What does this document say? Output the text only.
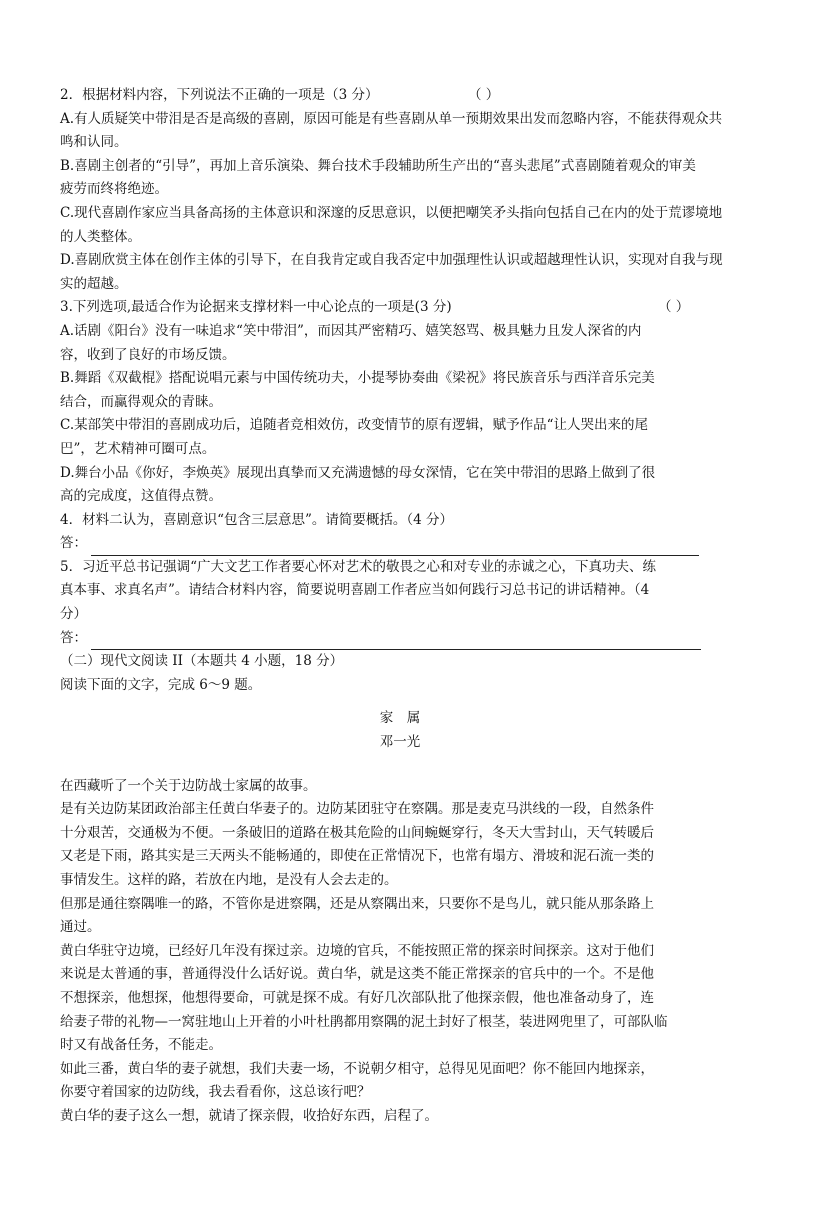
2．根据材料内容，下列说法不正确的一项是（3 分）	（ ）
A.有人质疑笑中带泪是否是高级的喜剧，原因可能是有些喜剧从单一预期效果出发而忽略内容，不能获得观众共
鸣和认同。
B.喜剧主创者的“引导”，再加上音乐演染、舞台技术手段辅助所生产出的“喜头悲尾”式喜剧随着观众的审美
疲劳而终将绝迹。
C.现代喜剧作家应当具备高扬的主体意识和深邃的反思意识，以便把嘲笑矛头指向包括自己在内的处于荒谬境地
的人类整体。
D.喜剧欣赏主体在创作主体的引导下，在自我肯定或自我否定中加强理性认识或超越理性认识，实现对自我与现
实的超越。
3.下列选项,最适合作为论据来支撑材料一中心论点的一项是(3 分)	（ ）
A.话剧《阳台》没有一味追求“笑中带泪”，而因其严密精巧、嬉笑怒骂、极具魅力且发人深省的内
容，收到了良好的市场反馈。
B.舞蹈《双截棍》搭配说唱元素与中国传统功夫，小提琴协奏曲《梁祝》将民族音乐与西洋音乐完美
结合，而赢得观众的青睐。
C.某部笑中带泪的喜剧成功后，追随者竞相效仿，改变情节的原有逻辑，赋予作品“让人哭出来的尾
巴”，艺术精神可圈可点。
D.舞台小品《你好，李焕英》展现出真挚而又充满遗憾的母女深情，它在笑中带泪的思路上做到了很
高的完成度，这值得点赞。
4．材料二认为，喜剧意识“包含三层意思”。请简要概括。（4 分）
答：
5．习近平总书记强调“广大文艺工作者要心怀对艺术的敬畏之心和对专业的赤诚之心，下真功夫、练
真本事、求真名声”。请结合材料内容，简要说明喜剧工作者应当如何践行习总书记的讲话精神。（4
分）
答：
（二）现代文阅读 II（本题共 4 小题，18 分）
阅读下面的文字，完成 6～9 题。
家　属
邓一光
在西藏听了一个关于边防战士家属的故事。
是有关边防某团政治部主任黄白华妻子的。边防某团驻守在察隅。那是麦克马洪线的一段，自然条件
十分艰苦，交通极为不便。一条破旧的道路在极其危险的山间蜿蜒穿行，冬天大雪封山，天气转暖后
又老是下雨，路其实是三天两头不能畅通的，即使在正常情况下，也常有塌方、滑坡和泥石流一类的
事情发生。这样的路，若放在内地，是没有人会去走的。
但那是通往察隅唯一的路，不管你是进察隅，还是从察隅出来，只要你不是鸟儿，就只能从那条路上
通过。
黄白华驻守边境，已经好几年没有探过亲。边境的官兵，不能按照正常的探亲时间探亲。这对于他们
来说是太普通的事，普通得没什么话好说。黄白华，就是这类不能正常探亲的官兵中的一个。不是他
不想探亲，他想探，他想得要命，可就是探不成。有好几次部队批了他探亲假，他也准备动身了，连
给妻子带的礼物—一窝驻地山上开着的小叶杜鹃都用察隅的泥土封好了根茎，装进网兜里了，可部队临
时又有战备任务，不能走。
如此三番，黄白华的妻子就想，我们夫妻一场，不说朝夕相守，总得见见面吧？你不能回内地探亲，
你要守着国家的边防线，我去看看你，这总该行吧？
黄白华的妻子这么一想，就请了探亲假，收拾好东西，启程了。
